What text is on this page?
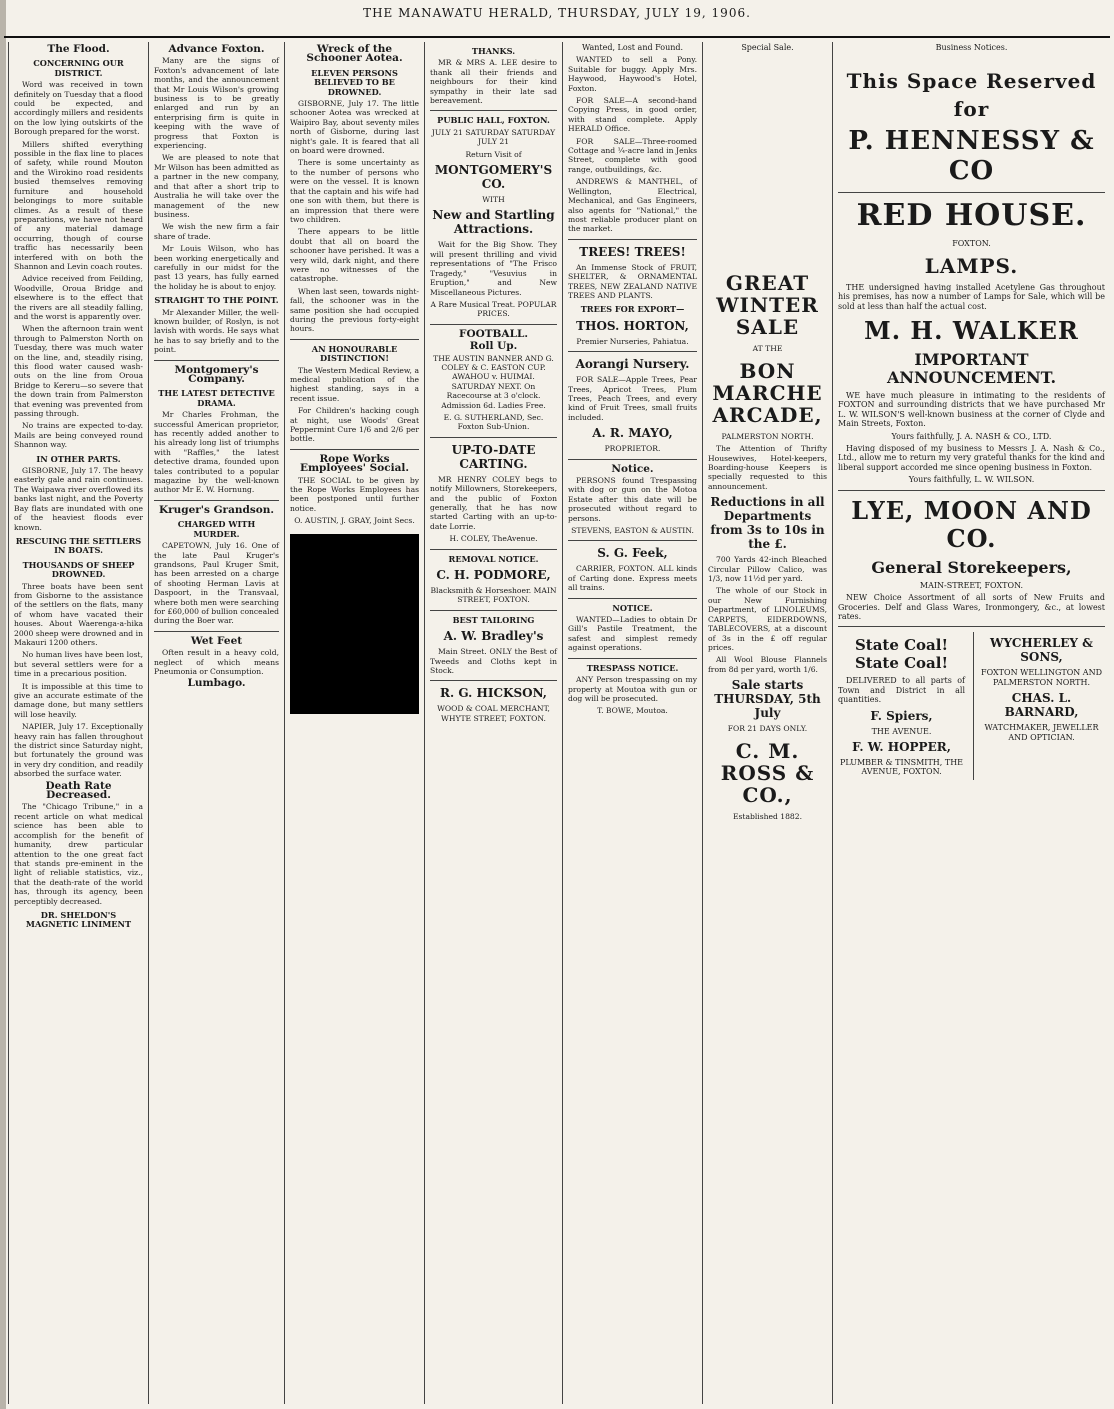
THE MANAWATU HERALD, THURSDAY, JULY 19, 1906.
The Flood.
CONCERNING OUR DISTRICT.

Word was received in town definitely on Tuesday that a flood could be expected, and accordingly millers and residents on the low lying outskirts of the Borough prepared for the worst.

Millers shifted everything possible in the flax line to places of safety, while round Mouton and the Wirokino road residents busied themselves removing furniture and household belongings to more suitable climes. As a result of these preparations, we have not heard of any material damage occurring, though of course traffic has necessarily been interfered with on both the Shannon and Levin coach routes.

Advice received from Feilding, Woodville, Oroua Bridge and elsewhere is to the effect that the rivers are all steadily falling, and the worst is apparently over.

When the afternoon train went through to Palmerston North on Tuesday, there was much water on the line, and, steadily rising, this flood water caused wash-outs on the line from Oroua Bridge to Kereru—so severe that the down train from Palmerston that evening was prevented from passing through.

No trains are expected to-day. Mails are being conveyed round Shannon way.

IN OTHER PARTS.

GISBORNE, July 17. The heavy easterly gale and rain continues. The Waipawa river overflowed its banks last night, and the Poverty Bay flats are inundated with one of the heaviest floods ever known.

RESCUING THE SETTLERS IN BOATS.
THOUSANDS OF SHEEP DROWNED.

Three boats have been sent from Gisborne to the assistance of the settlers on the flats, many of whom have vacated their houses. About Waerenga-a-hika 2000 sheep were drowned and in Makauri 1200 others.

No human lives have been lost, but several settlers were for a time in a precarious position.

It is impossible at this time to give an accurate estimate of the damage done, but many settlers will lose heavily.

NAPIER, July 17. Exceptionally heavy rain has fallen throughout the district since Saturday night, but fortunately the ground was in very dry condition, and readily absorbed the surface water.

Death Rate Decreased.

The "Chicago Tribune," in a recent article on what medical science has been able to accomplish for the benefit of humanity, drew particular attention to the one great fact that stands pre-eminent in the light of reliable statistics, viz., that the death-rate of the world has, through its agency, been perceptibly decreased.

DR. SHELDON'S MAGNETIC LINIMENT
Advance Foxton.

Many are the signs of Foxton's advancement of late months, and the announcement that Mr Louis Wilson's growing business is to be greatly enlarged and run by an enterprising firm is quite in keeping with the wave of progress that Foxton is experiencing.

We are pleased to note that Mr Wilson has been admitted as a partner in the new company, and that after a short trip to Australia he will take over the management of the new business.

We wish the new firm a fair share of trade.

Mr Louis Wilson, who has been working energetically and carefully in our midst for the past 13 years, has fully earned the holiday he is about to enjoy.

STRAIGHT TO THE POINT.

Mr Alexander Miller, the well-known builder, of Roslyn, is not lavish with words. He says what he has to say briefly and to the point.

Montgomery's Company.
THE LATEST DETECTIVE DRAMA.

Mr Charles Frohman, the successful American proprietor, has recently added another to his already long list of triumphs with "Raffles," the latest detective drama, founded upon tales contributed to a popular magazine by the well-known author Mr E. W. Hornung.

Kruger's Grandson.
CHARGED WITH MURDER.

CAPETOWN, July 16. One of the late Paul Kruger's grandsons, Paul Kruger Smit, has been arrested on a charge of shooting Herman Lavis at Daspoort, in the Transvaal, where both men were searching for £60,000 of bullion concealed during the Boer war.

Wet Feet

Often result in a heavy cold, neglect of which means Pneumonia or Consumption.

Lumbago.
Wreck of the Schooner Aotea.
ELEVEN PERSONS BELIEVED TO BE DROWNED.

GISBORNE, July 17. The little schooner Aotea was wrecked at Waipiro Bay, about seventy miles north of Gisborne, during last night's gale. It is feared that all on board were drowned.

There is some uncertainty as to the number of persons who were on the vessel. It is known that the captain and his wife had one son with them, but there is an impression that there were two children.

There appears to be little doubt that all on board the schooner have perished. It was a very wild, dark night, and there were no witnesses of the catastrophe.

When last seen, towards night-fall, the schooner was in the same position she had occupied during the previous forty-eight hours.

AN HONOURABLE DISTINCTION!

The Western Medical Review, a medical publication of the highest standing, says in a recent issue.

For Children's hacking cough at night, use Woods' Great Peppermint Cure 1/6 and 2/6 per bottle.

Rope Works Employees' Social.

THE SOCIAL to be given by the Rope Works Employees has been postponed until further notice.

O. AUSTIN, J. GRAY, Joint Secs.

THANKS.

MR & MRS A. LEE desire to thank all their friends and neighbours for their kind sympathy in their late sad bereavement.

PUBLIC HALL, FOXTON.

JULY 21 SATURDAY SATURDAY JULY 21

Return Visit of

MONTGOMERY'S CO.

WITH

New and Startling Attractions.

Wait for the Big Show. They will present thrilling and vivid representations of "The Frisco Tragedy," "Vesuvius in Eruption," and New Miscellaneous Pictures.

A Rare Musical Treat. POPULAR PRICES.

FOOTBALL.
Roll Up.

THE AUSTIN BANNER AND G. COLEY & C. EASTON CUP. AWAHOU v. HUIMAI. SATURDAY NEXT. On Racecourse at 3 o'clock. Admission 6d. Ladies Free.

E. G. SUTHERLAND, Sec. Foxton Sub-Union.

UP-TO-DATE CARTING.

MR HENRY COLEY begs to notify Millowners, Storekeepers, and the public of Foxton generally, that he has now started Carting with an up-to-date Lorrie.

H. COLEY, TheAvenue.

REMOVAL NOTICE.

C. H. PODMORE,

Blacksmith & Horseshoer. MAIN STREET, FOXTON.

BEST TAILORING

A. W. Bradley's

Main Street. ONLY the Best of Tweeds and Cloths kept in Stock.

R. G. HICKSON,

WOOD & COAL MERCHANT, WHYTE STREET, FOXTON.

Wanted, Lost and Found.

WANTED to sell a Pony. Suitable for buggy. Apply Mrs. Haywood, Haywood's Hotel, Foxton.

FOR SALE—A second-hand Copying Press, in good order, with stand complete. Apply HERALD Office.

FOR SALE—Three-roomed Cottage and ¼-acre land in Jenks Street, complete with good range, outbuildings, &c.

ANDREWS & MANTHEL, of Wellington, Electrical, Mechanical, and Gas Engineers, also agents for "National," the most reliable producer plant on the market.

TREES! TREES!

An Immense Stock of FRUIT, SHELTER, & ORNAMENTAL TREES, NEW ZEALAND NATIVE TREES AND PLANTS.

TREES FOR EXPORT—

THOS. HORTON,

Premier Nurseries, Pahiatua.

Aorangi Nursery.

FOR SALE—Apple Trees, Pear Trees, Apricot Trees, Plum Trees, Peach Trees, and every kind of Fruit Trees, small fruits included.

A. R. MAYO,

PROPRIETOR.

Notice.

PERSONS found Trespassing with dog or gun on the Motoa Estate after this date will be prosecuted without regard to persons.

STEVENS, EASTON & AUSTIN.

S. G. Feek,

CARRIER, FOXTON. ALL kinds of Carting done. Express meets all trains.

NOTICE.

WANTED—Ladies to obtain Dr Gill's Pastile Treatment, the safest and simplest remedy against operations.

TRESPASS NOTICE.

ANY Person trespassing on my property at Moutoa with gun or dog will be prosecuted.

T. BOWE, Moutoa.

Special Sale.

GREAT WINTER SALE

AT THE

BON MARCHE ARCADE,

PALMERSTON NORTH.

The Attention of Thrifty Housewives, Hotel-keepers, Boarding-house Keepers is specially requested to this announcement.

Reductions in all Departments from 3s to 10s in the £.

700 Yards 42-inch Bleached Circular Pillow Calico, was 1/3, now 11½d per yard.

The whole of our Stock in our New Furnishing Department, of LINOLEUMS, CARPETS, EIDERDOWNS, TABLECOVERS, at a discount of 3s in the £ off regular prices.

All Wool Blouse Flannels from 8d per yard, worth 1/6.

Sale starts THURSDAY, 5th July

FOR 21 DAYS ONLY.

C. M. ROSS & CO.,

Established 1882.

Business Notices.

This Space Reserved

for

P. HENNESSY & CO

RED HOUSE.

FOXTON.

LAMPS.

THE undersigned having installed Acetylene Gas throughout his premises, has now a number of Lamps for Sale, which will be sold at less than half the actual cost.

M. H. WALKER

IMPORTANT ANNOUNCEMENT.

WE have much pleasure in intimating to the residents of FOXTON and surrounding districts that we have purchased Mr L. W. WILSON'S well-known business at the corner of Clyde and Main Streets, Foxton.

Yours faithfully, J. A. NASH & CO., LTD.

Having disposed of my business to Messrs J. A. Nash & Co., Ltd., allow me to return my very grateful thanks for the kind and liberal support accorded me since opening business in Foxton.

Yours faithfully, L. W. WILSON.

LYE, MOON AND CO.

General Storekeepers,

MAIN-STREET, FOXTON.

NEW Choice Assortment of all sorts of New Fruits and Groceries. Delf and Glass Wares, Ironmongery, &c., at lowest rates.

State Coal! State Coal!

DELIVERED to all parts of Town and District in all quantities.

F. Spiers,

THE AVENUE.

F. W. HOPPER,

PLUMBER & TINSMITH, THE AVENUE, FOXTON.

WYCHERLEY & SONS,

FOXTON WELLINGTON AND PALMERSTON NORTH.

CHAS. L. BARNARD,

WATCHMAKER, JEWELLER AND OPTICIAN.
